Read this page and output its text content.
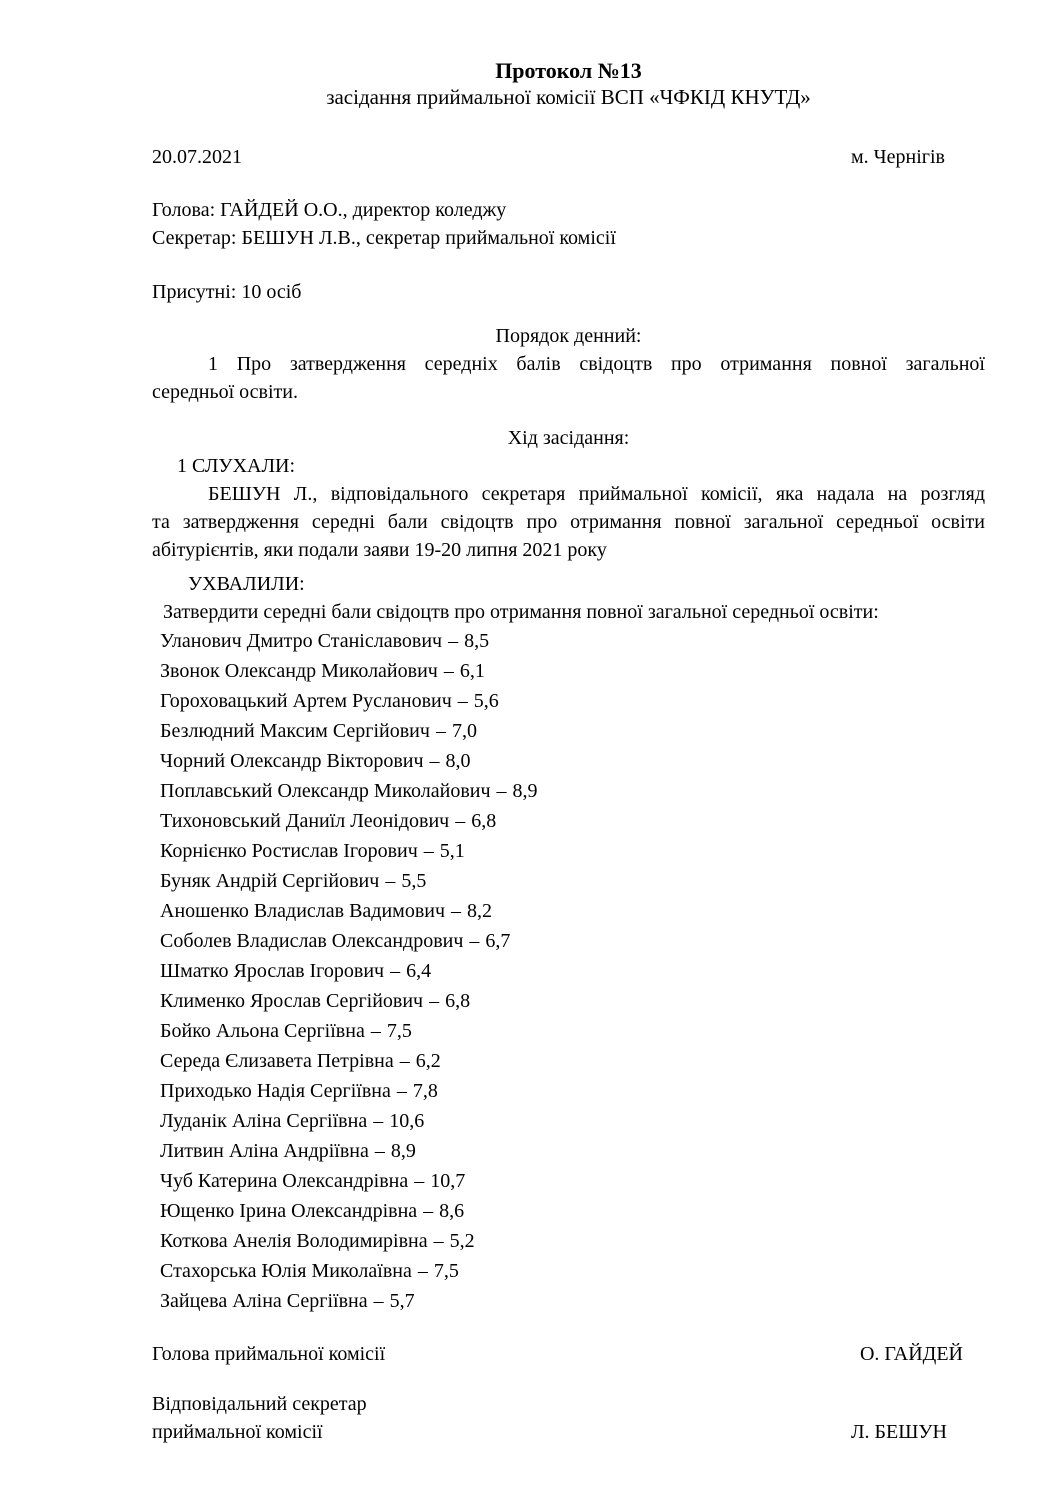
Протокол №13
засідання приймальної комісії ВСП «ЧФКІД КНУТД»
20.07.2021	м. Чернігів
Голова: ГАЙДЕЙ О.О., директор коледжу
Секретар: БЕШУН Л.В., секретар приймальної комісії
Присутні: 10 осіб
Порядок денний:
1 Про затвердження середніх балів свідоцтв про отримання повної загальної
середньої освіти.
Хід засідання:
1 СЛУХАЛИ:
БЕШУН Л., відповідального секретаря приймальної комісії, яка надала на розгляд
та затвердження середні бали свідоцтв про отримання повної загальної середньої освіти
абітурієнтів, яки подали заяви 19-20 липня 2021 року
УХВАЛИЛИ:
Затвердити середні бали свідоцтв про отримання повної загальної середньої освіти:
Уланович Дмитро Станіславович – 8,5
Звонок Олександр Миколайович – 6,1
Гороховацький Артем Русланович – 5,6
Безлюдний Максим Сергійович – 7,0
Чорний Олександр Вікторович – 8,0
Поплавський Олександр Миколайович – 8,9
Тихоновський Даниїл Леонідович – 6,8
Корнієнко Ростислав Ігорович – 5,1
Буняк Андрій Сергійович – 5,5
Аношенко Владислав Вадимович – 8,2
Соболев Владислав Олександрович – 6,7
Шматко Ярослав Ігорович – 6,4
Клименко Ярослав Сергійович – 6,8
Бойко Альона Сергіївна – 7,5
Середа Єлизавета Петрівна – 6,2
Приходько Надія Сергіївна – 7,8
Луданік Аліна Сергіївна – 10,6
Литвин Аліна Андріївна – 8,9
Чуб Катерина Олександрівна – 10,7
Ющенко Ірина Олександрівна – 8,6
Коткова Анелія Володимирівна – 5,2
Стахорська Юлія Миколаївна – 7,5
Зайцева Аліна Сергіївна – 5,7
Голова приймальної комісії	О. ГАЙДЕЙ
Відповідальний секретар
приймальної комісії	Л. БЕШУН
